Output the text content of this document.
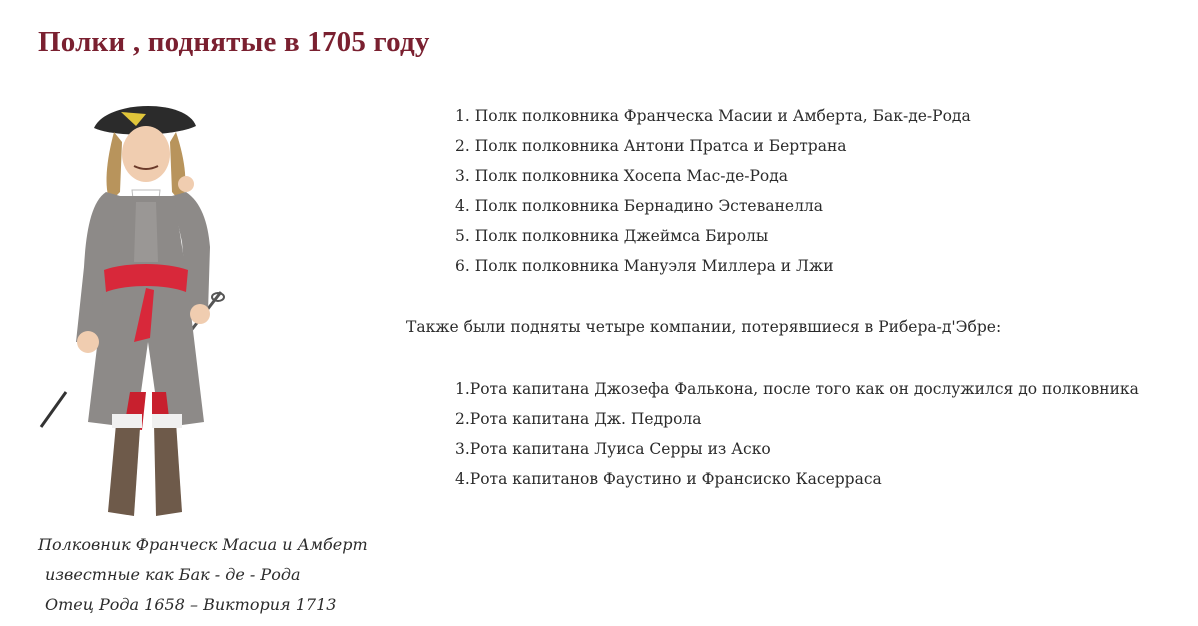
Полки , поднятые в 1705 году
Полковник Франческ Масиа и Амберт
известные как Бак - де - Рода
Отец Рода 1658 – Виктория 1713
1. Полк полковника Франческа Масии и Амберта, Бак-де-Рода
2. Полк полковника Антони Пратса и Бертрана
3. Полк полковника Хосепа Мас-де-Рода
4. Полк полковника Бернадино Эстеванелла
5. Полк полковника Джеймса Биролы
6. Полк полковника Мануэля Миллера и Лжи

Также были подняты четыре компании, потерявшиеся в Рибера-д'Эбре:

1.Рота капитана Джозефа Фалькона, после того как он дослужился до полковника
2.Рота капитана Дж. Педрола
3.Рота капитана Луиса Серры из Аско
4.Рота капитанов Фаустино и Франсиско Касерраса
